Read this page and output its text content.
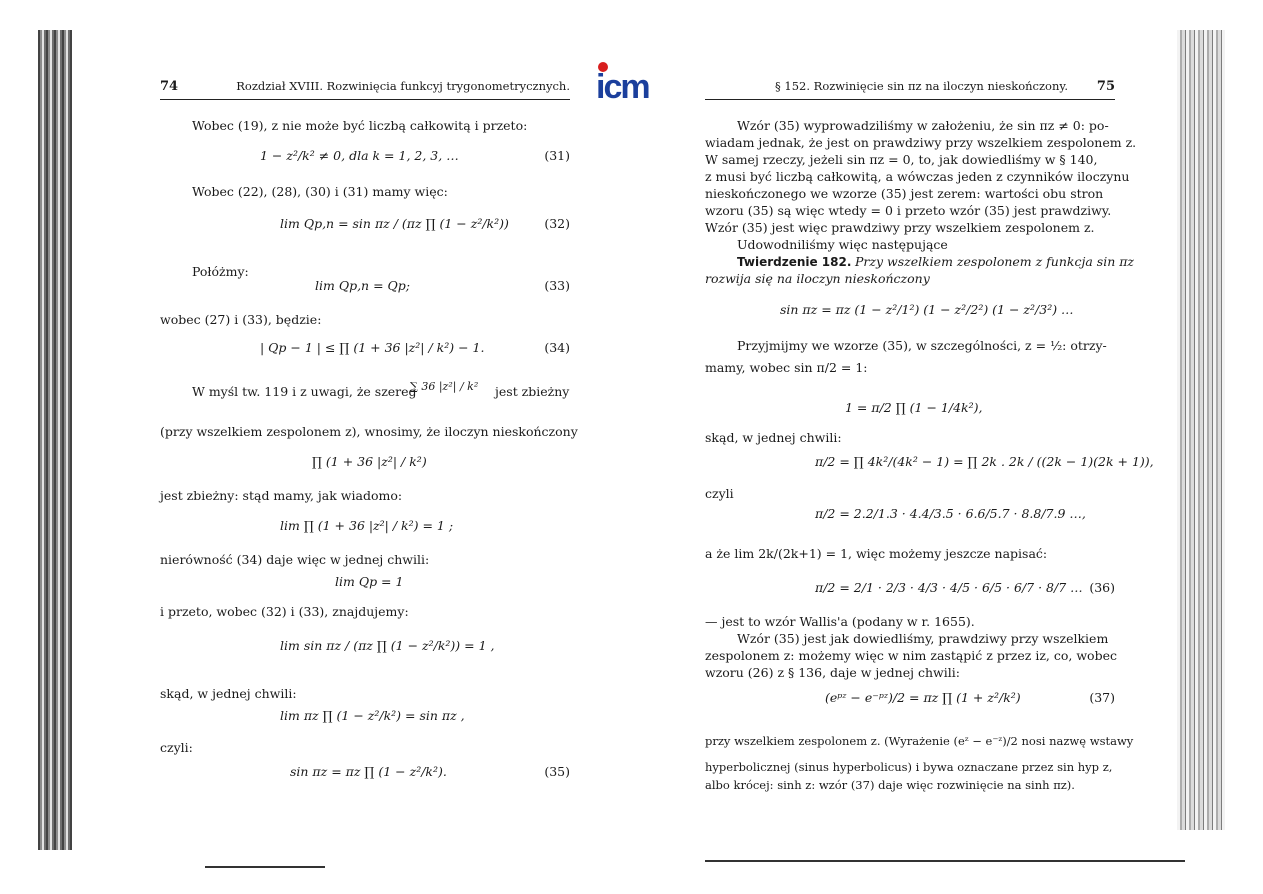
icm
74	Rozdział XVIII. Rozwinięcia funkcyj trygonometrycznych.
Wobec (19), z nie może być liczbą całkowitą i przeto:
1 − z²/k² ≠ 0, dla k = 1, 2, 3, …	(31)
Wobec (22), (28), (30) i (31) mamy więc:
lim Qp,n = sin πz / (πz ∏ (1 − z²/k²))	(32)
Połóżmy:
lim Qp,n = Qp;	(33)
wobec (27) i (33), będzie:
| Qp − 1 | ≤ ∏ (1 + 36 |z²| / k²) − 1.	(34)
W myśl tw. 119 i z uwagi, że szereg
∑ 36 |z²| / k² jest zbieżny
(przy wszelkiem zespolonem z), wnosimy, że iloczyn nieskończony
∏ (1 + 36 |z²| / k²)
jest zbieżny: stąd mamy, jak wiadomo:
lim ∏ (1 + 36 |z²| / k²) = 1 ;
nierówność (34) daje więc w jednej chwili:
lim Qp = 1
i przeto, wobec (32) i (33), znajdujemy:
lim sin πz / (πz ∏ (1 − z²/k²)) = 1 ,
skąd, w jednej chwili:
lim πz ∏ (1 − z²/k²) = sin πz ,
czyli:
sin πz = πz ∏ (1 − z²/k²).	(35)
§ 152. Rozwinięcie sin πz na iloczyn nieskończony. 75
Wzór (35) wyprowadziliśmy w założeniu, że sin πz ≠ 0: po-
wiadam jednak, że jest on prawdziwy przy wszelkiem zespolonem z.
W samej rzeczy, jeżeli sin πz = 0, to, jak dowiedliśmy w § 140,
z musi być liczbą całkowitą, a wówczas jeden z czynników iloczynu
nieskończonego we wzorze (35) jest zerem: wartości obu stron
wzoru (35) są więc wtedy = 0 i przeto wzór (35) jest prawdziwy.
Wzór (35) jest więc prawdziwy przy wszelkiem zespolonem z.
Udowodniliśmy więc następujące
Twierdzenie 182. Przy wszelkiem zespolonem z funkcja sin πz
rozwija się na iloczyn nieskończony
sin πz = πz (1 − z²/1²) (1 − z²/2²) (1 − z²/3²) …
Przyjmijmy we wzorze (35), w szczególności, z = ½: otrzy-
mamy, wobec sin π/2 = 1:
1 = π/2 ∏ (1 − 1/4k²),
skąd, w jednej chwili:
π/2 = ∏ 4k²/(4k² − 1) = ∏ 2k . 2k / ((2k − 1)(2k + 1)),
czyli
π/2 = 2.2/1.3 · 4.4/3.5 · 6.6/5.7 · 8.8/7.9 …,
a że lim 2k/(2k+1) = 1, więc możemy jeszcze napisać:
π/2 = 2/1 · 2/3 · 4/3 · 4/5 · 6/5 · 6/7 · 8/7 … (36)
— jest to wzór Wallis'a (podany w r. 1655).
Wzór (35) jest jak dowiedliśmy, prawdziwy przy wszelkiem
zespolonem z: możemy więc w nim zastąpić z przez iz, co, wobec
wzoru (26) z § 136, daje w jednej chwili:
(eᵖᶻ − e⁻ᵖᶻ)/2 = πz ∏ (1 + z²/k²)	(37)
przy wszelkiem zespolonem z. (Wyrażenie (eᶻ − e⁻ᶻ)/2 nosi nazwę wstawy
hyperbolicznej (sinus hyperbolicus) i bywa oznaczane przez sin hyp z,
albo krócej: sinh z: wzór (37) daje więc rozwinięcie na sinh πz).
